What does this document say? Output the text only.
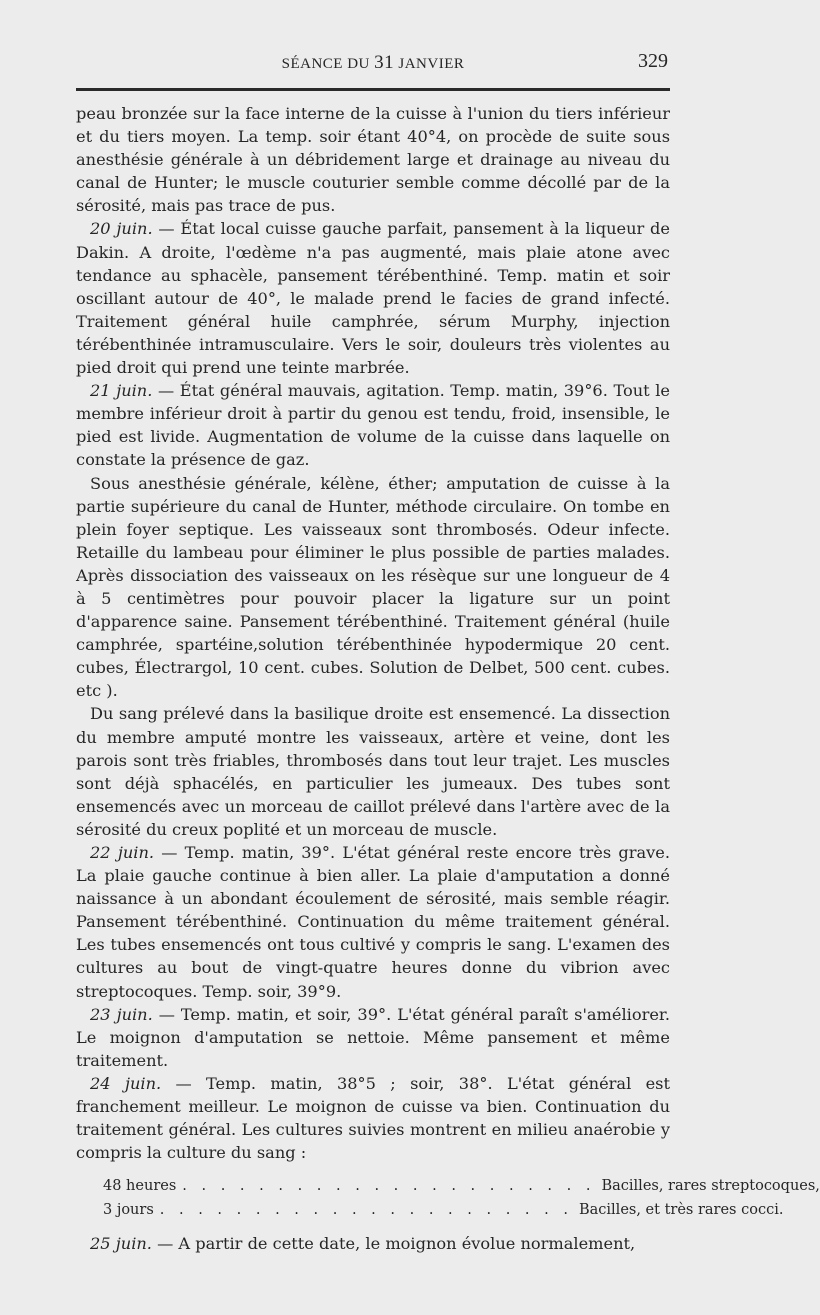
SÉANCE DU 31 JANVIER	329

peau bronzée sur la face interne de la cuisse à l'union du tiers inférieur et du tiers moyen. La temp. soir étant 40°4, on procède de suite sous anesthésie générale à un débridement large et drainage au niveau du canal de Hunter; le muscle couturier semble comme décollé par de la sérosité, mais pas trace de pus.

20 juin. — État local cuisse gauche parfait, pansement à la liqueur de Dakin. A droite, l'œdème n'a pas augmenté, mais plaie atone avec tendance au sphacèle, pansement térébenthiné. Temp. matin et soir oscillant autour de 40°, le malade prend le facies de grand infecté. Traitement général huile camphrée, sérum Murphy, injection térébenthinée intramusculaire. Vers le soir, douleurs très violentes au pied droit qui prend une teinte marbrée.

21 juin. — État général mauvais, agitation. Temp. matin, 39°6. Tout le membre inférieur droit à partir du genou est tendu, froid, insensible, le pied est livide. Augmentation de volume de la cuisse dans laquelle on constate la présence de gaz.

Sous anesthésie générale, kélène, éther; amputation de cuisse à la partie supérieure du canal de Hunter, méthode circulaire. On tombe en plein foyer septique. Les vaisseaux sont thrombosés. Odeur infecte. Retaille du lambeau pour éliminer le plus possible de parties malades. Après dissociation des vaisseaux on les résèque sur une longueur de 4 à 5 centimètres pour pouvoir placer la ligature sur un point d'apparence saine. Pansement térébenthiné. Traitement général (huile camphrée, spartéine,solution térébenthinée hypodermique 20 cent. cubes, Électrargol, 10 cent. cubes. Solution de Delbet, 500 cent. cubes. etc ).

Du sang prélevé dans la basilique droite est ensemencé. La dissection du membre amputé montre les vaisseaux, artère et veine, dont les parois sont très friables, thrombosés dans tout leur trajet. Les muscles sont déjà sphacélés, en particulier les jumeaux. Des tubes sont ensemencés avec un morceau de caillot prélevé dans l'artère avec de la sérosité du creux poplité et un morceau de muscle.

22 juin. — Temp. matin, 39°. L'état général reste encore très grave. La plaie gauche continue à bien aller. La plaie d'amputation a donné naissance à un abondant écoulement de sérosité, mais semble réagir. Pansement térébenthiné. Continuation du même traitement général. Les tubes ensemencés ont tous cultivé y compris le sang. L'examen des cultures au bout de vingt-quatre heures donne du vibrion avec streptocoques. Temp. soir, 39°9.

23 juin. — Temp. matin, et soir, 39°. L'état général paraît s'améliorer. Le moignon d'amputation se nettoie. Même pansement et même traitement.

24 juin. — Temp. matin, 38°5 ; soir, 38°. L'état général est franchement meilleur. Le moignon de cuisse va bien. Continuation du traitement général. Les cultures suivies montrent en milieu anaérobie y compris la culture du sang :

48 heures . . . . . . . . . . . . . . . . . . . . . . Bacilles, rares streptocoques,
3 jours . . . . . . . . . . . . . . . . . . . . . . Bacilles, et très rares cocci.

25 juin. — A partir de cette date, le moignon évolue normalement,
